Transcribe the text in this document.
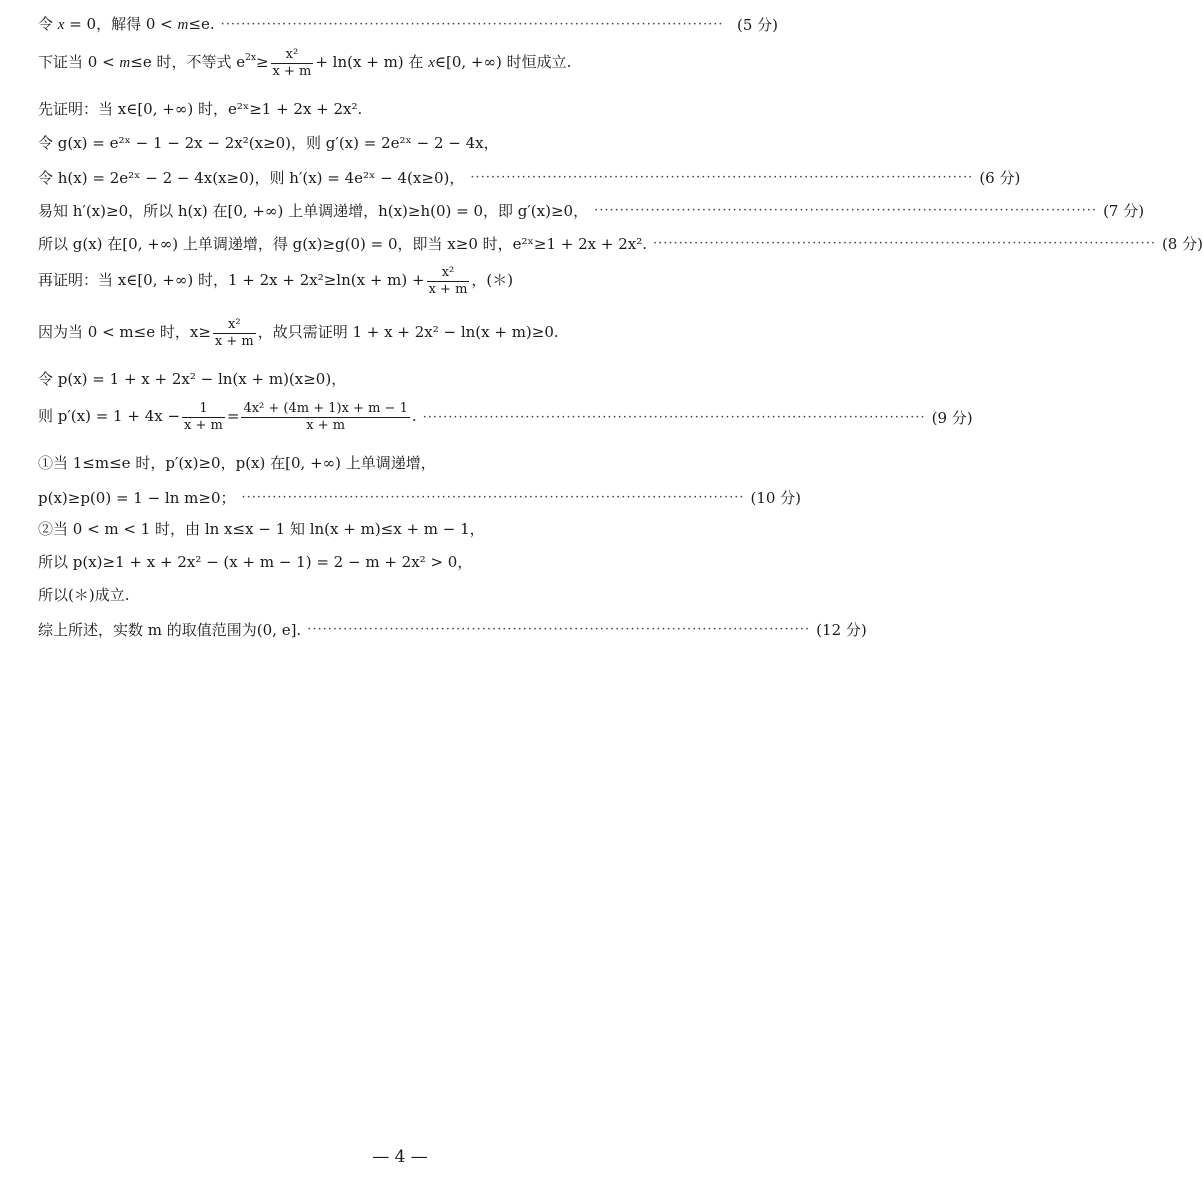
令 x = 0，解得 0 < m≤e. ·································································································· (5 分)
下证当 0 < m≤e 时，不等式 $e^{2x}\ge \frac{\text{x²}}{x + m} + \ln(x + m)$ 在 x∈[0, +∞) 时恒成立.
先证明：当 x∈[0, +∞) 时，e²ˣ≥1 + 2x + 2x².
令 g(x) = e²ˣ − 1 − 2x − 2x²(x≥0)，则 g′(x) = 2e²ˣ − 2 − 4x，
令 h(x) = 2e²ˣ − 2 − 4x(x≥0)，则 h′(x) = 4e²ˣ − 4(x≥0)， ·································································································· (6 分)
易知 h′(x)≥0，所以 h(x) 在[0, +∞) 上单调递增，h(x)≥h(0) = 0，即 g′(x)≥0， ·································································································· (7 分)
所以 g(x) 在[0, +∞) 上单调递增，得 g(x)≥g(0) = 0，即当 x≥0 时，e²ˣ≥1 + 2x + 2x². ·································································································· (8 分)
再证明：当 x∈[0, +∞) 时，$1 + 2x + 2x^2\ge\ln(x + m) + \frac{\text{x²}}{x + m}$ ，(＊)
因为当 0 < m≤e 时，$x\ge \frac{\text{x²}}{x + m}$ ，故只需证明 1 + x + 2x² − ln(x + m)≥0.
令 p(x) = 1 + x + 2x² − ln(x + m)(x≥0)，
则 $p'(x) = 1 + 4x - \frac{1}{x + m} = \frac{\text{4x² + (4m + 1)x + m − 1}}{x + m}$ . ·································································································· (9 分)
①当 1≤m≤e 时，p′(x)≥0，p(x) 在[0, +∞) 上单调递增，
p(x)≥p(0) = 1 − ln m≥0； ·································································································· (10 分)
②当 0 < m < 1 时，由 ln x≤x − 1 知 ln(x + m)≤x + m − 1，
所以 p(x)≥1 + x + 2x² − (x + m − 1) = 2 − m + 2x² > 0，
所以(＊)成立.
综上所述，实数 m 的取值范围为(0, e]. ·································································································· (12 分)
— 4 —
